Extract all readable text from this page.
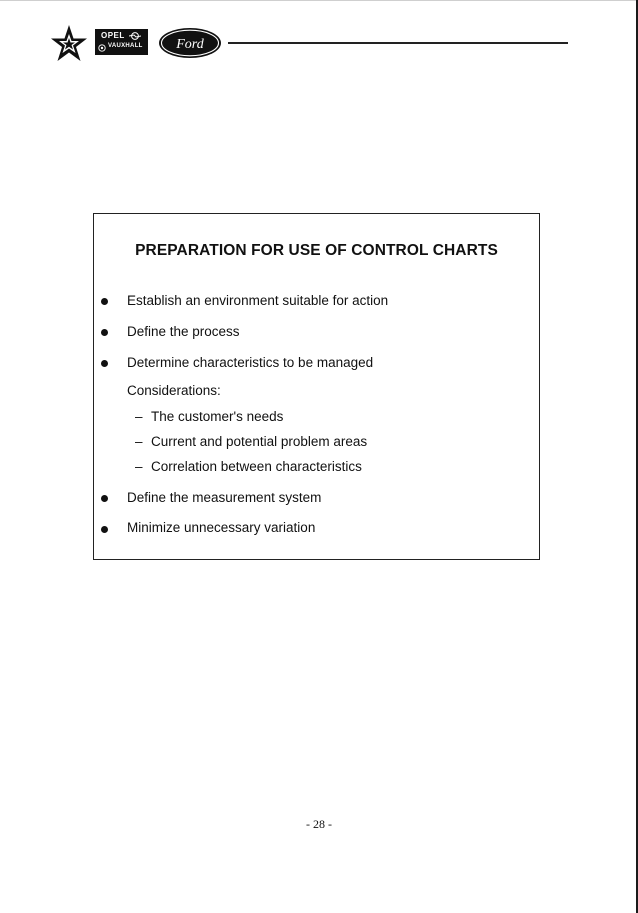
OPEL
VAUXHALL Ford
PREPARATION FOR USE OF CONTROL CHARTS
Establish an environment suitable for action
Define the process
Determine characteristics to be managed
Considerations:
– The customer's needs
– Current and potential problem areas
– Correlation between characteristics
Define the measurement system
Minimize unnecessary variation
- 28 -
